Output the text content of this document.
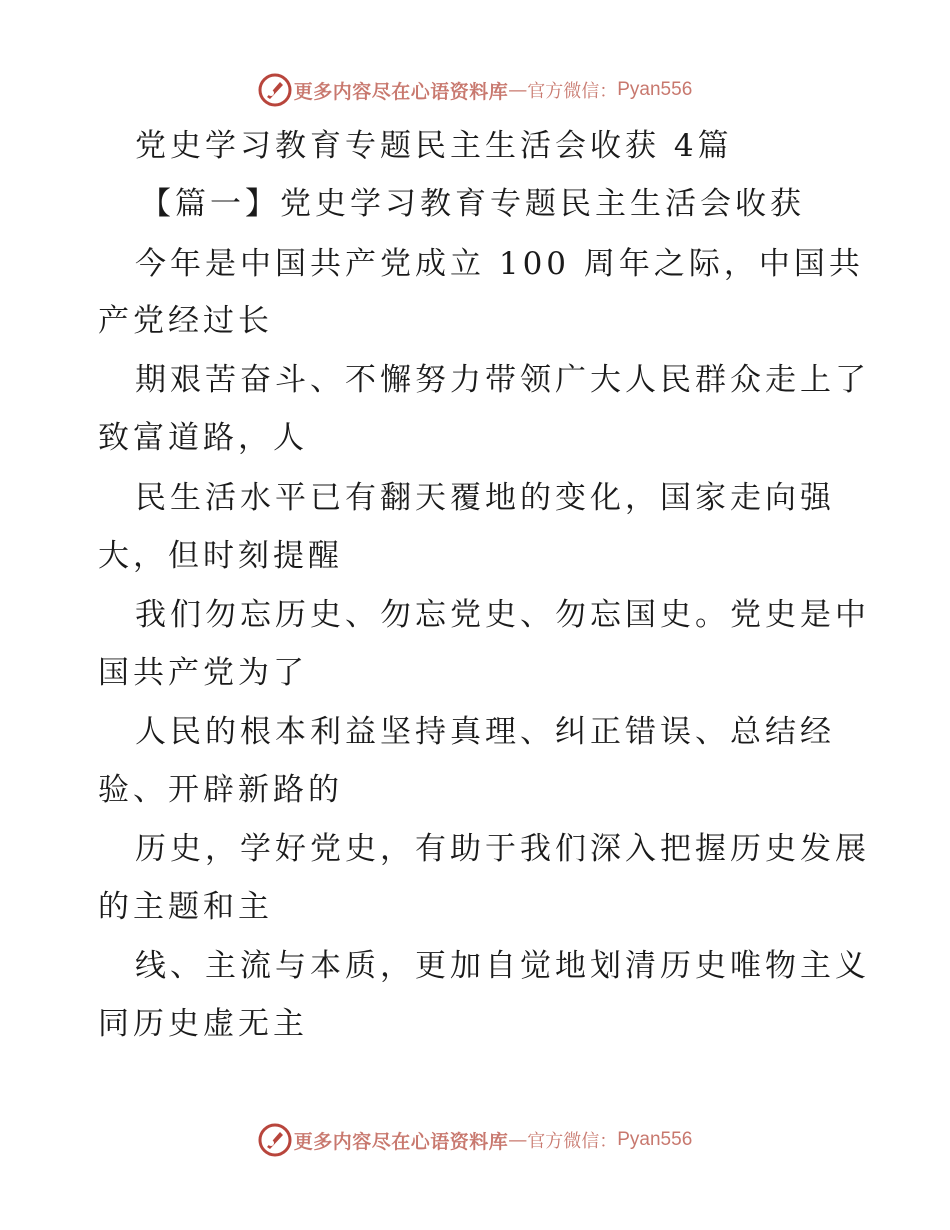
更多内容尽在心语资料库 — 官方微信： Pyan556
党史学习教育专题民主生活会收获 4篇
【篇一】党史学习教育专题民主生活会收获
今年是中国共产党成立 100 周年之际，中国共
产党经过长
期艰苦奋斗、不懈努力带领广大人民群众走上了
致富道路，人
民生活水平已有翻天覆地的变化，国家走向强
大，但时刻提醒
我们勿忘历史、勿忘党史、勿忘国史。党史是中
国共产党为了
人民的根本利益坚持真理、纠正错误、总结经
验、开辟新路的
历史，学好党史，有助于我们深入把握历史发展
的主题和主
线、主流与本质，更加自觉地划清历史唯物主义
同历史虚无主
更多内容尽在心语资料库 — 官方微信： Pyan556
